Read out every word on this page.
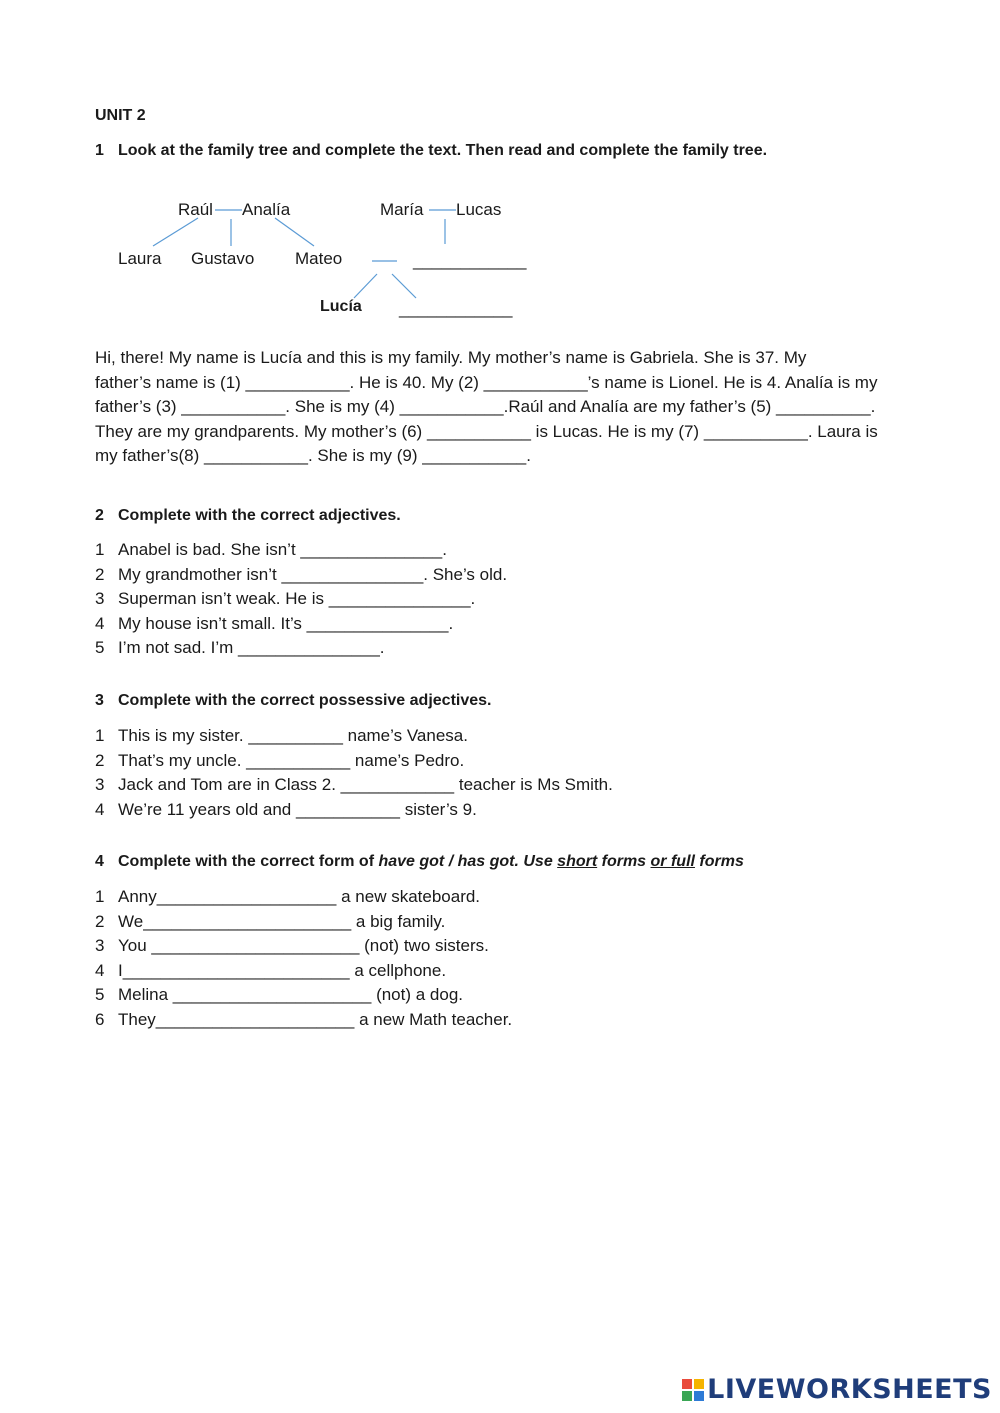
UNIT 2
1 Look at the family tree and complete the text. Then read and complete the family tree.
Raúl Analía	María Lucas
Laura Gustavo Mateo	____________
Lucía ____________
Hi, there! My name is Lucía and this is my family. My mother’s name is Gabriela. She is 37. My
father’s name is (1) ___________. He is 40. My (2) ___________’s name is Lionel. He is 4. Analía is my
father’s (3) ___________. She is my (4) ___________.Raúl and Analía are my father’s (5) __________.
They are my grandparents. My mother’s (6) ___________ is Lucas. He is my (7) ___________. Laura is
my father’s(8) ___________. She is my (9) ___________.
2 Complete with the correct adjectives.
1 Anabel is bad. She isn’t _______________.
2 My grandmother isn’t _______________. She’s old.
3 Superman isn’t weak. He is _______________.
4 My house isn’t small. It’s _______________.
5 I’m not sad. I’m _______________.
3 Complete with the correct possessive adjectives.
1 This is my sister. __________ name’s Vanesa.
2 That’s my uncle. ___________ name’s Pedro.
3 Jack and Tom are in Class 2. ____________ teacher is Ms Smith.
4 We’re 11 years old and ___________ sister’s 9.
4 Complete with the correct form of have got / has got. Use short forms or full forms
1 Anny___________________ a new skateboard.
2 We______________________ a big family.
3 You ______________________ (not) two sisters.
4 I________________________ a cellphone.
5 Melina _____________________ (not) a dog.
6 They_____________________ a new Math teacher.
LIVEWORKSHEETS
